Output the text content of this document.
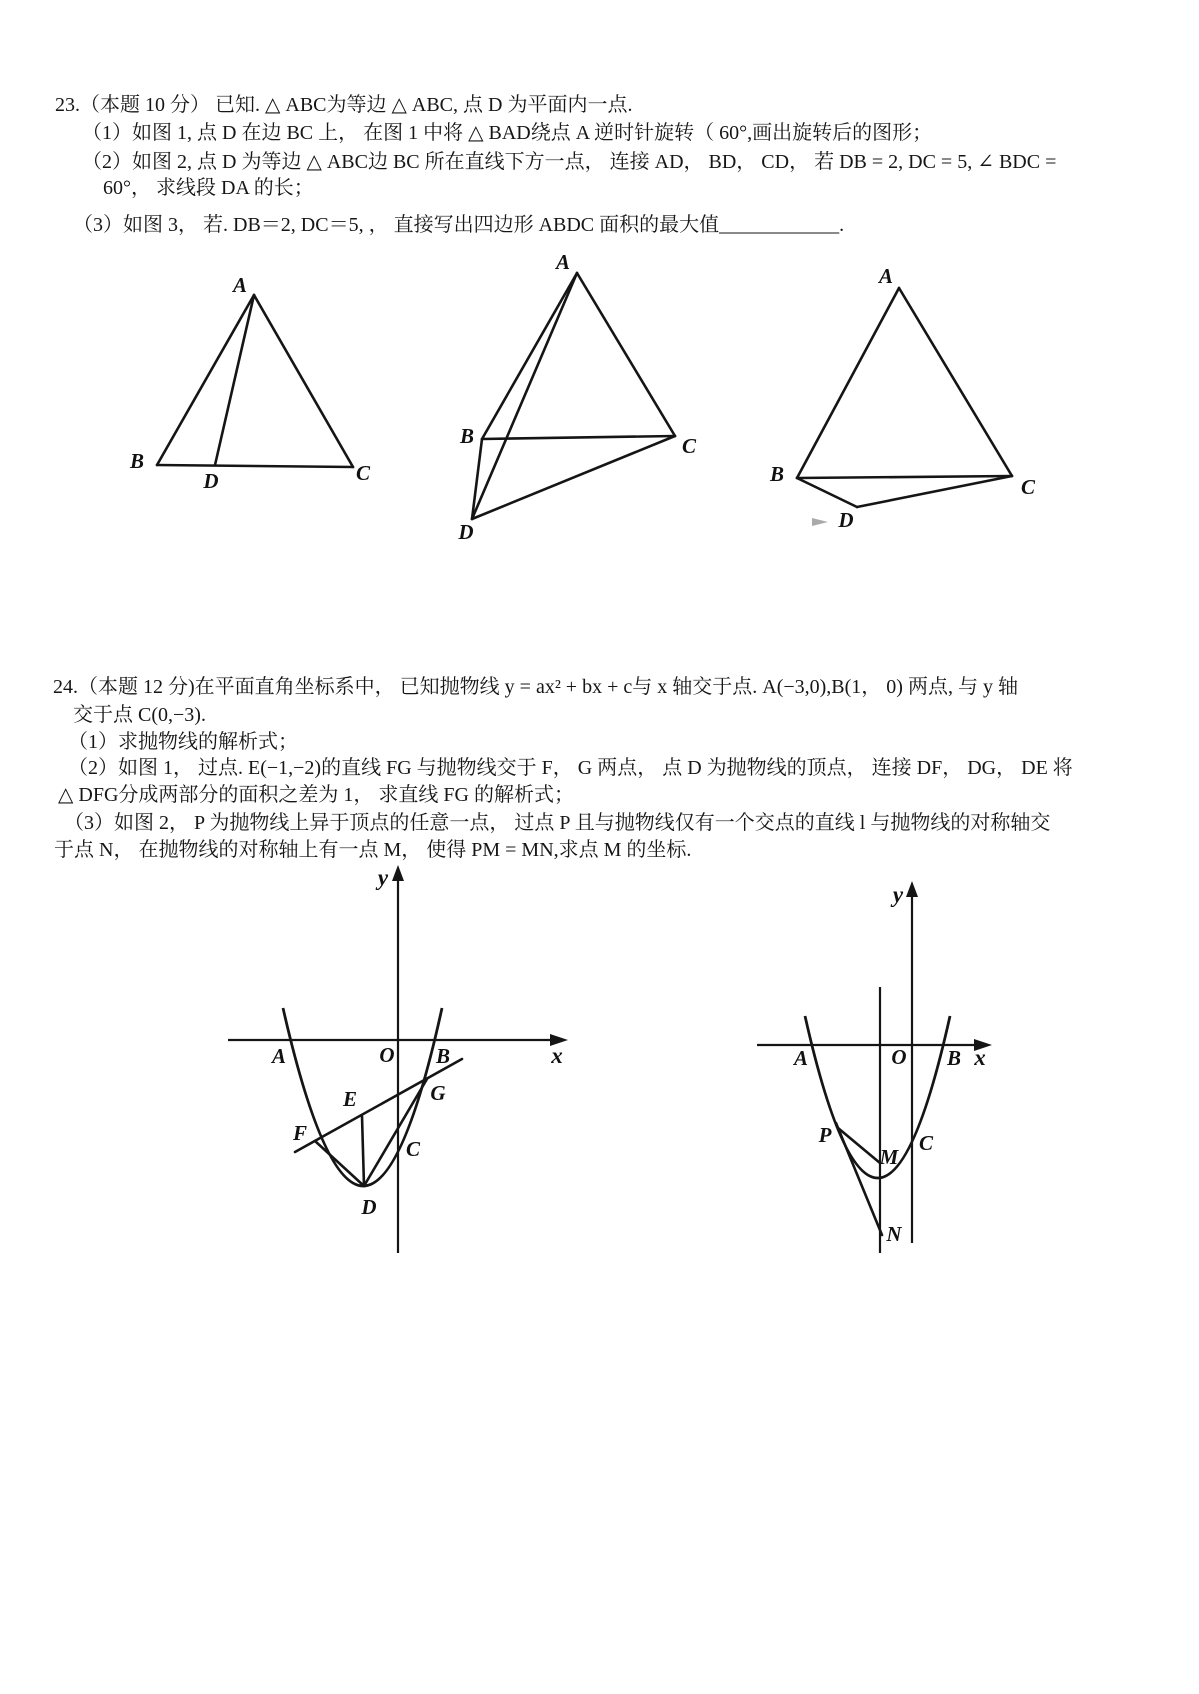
23.（本题 10 分） 已知. △ ABC为等边 △ ABC, 点 D 为平面内一点.
（1）如图 1, 点 D 在边 BC 上， 在图 1 中将 △ BAD绕点 A 逆时针旋转（ 60°,画出旋转后的图形；
（2）如图 2, 点 D 为等边 △ ABC边 BC 所在直线下方一点， 连接 AD， BD， CD， 若 DB = 2, DC = 5, ∠ BDC =
60°， 求线段 DA 的长；
（3）如图 3， 若. DB＝2, DC＝5, ， 直接写出四边形 ABDC 面积的最大值____________.
A
B	C
D
A
B	C
D
A
B
C
D
24.（本题 12 分)在平面直角坐标系中， 已知抛物线 y = ax² + bx + c与 x 轴交于点. A(−3,0),B(1， 0) 两点, 与 y 轴
交于点 C(0,−3).
（1）求抛物线的解析式；
（2）如图 1， 过点. E(−1,−2)的直线 FG 与抛物线交于 F， G 两点， 点 D 为抛物线的顶点， 连接 DF， DG， DE 将
△ DFG分成两部分的面积之差为 1， 求直线 FG 的解析式；
（3）如图 2， P 为抛物线上异于顶点的任意一点， 过点 P 且与抛物线仅有一个交点的直线 l 与抛物线的对称轴交
于点 N， 在抛物线的对称轴上有一点 M， 使得 PM = MN,求点 M 的坐标.
y
x
O
A	B
E
F
G
C
D
y
x
O
A	B
C
P
M
N
